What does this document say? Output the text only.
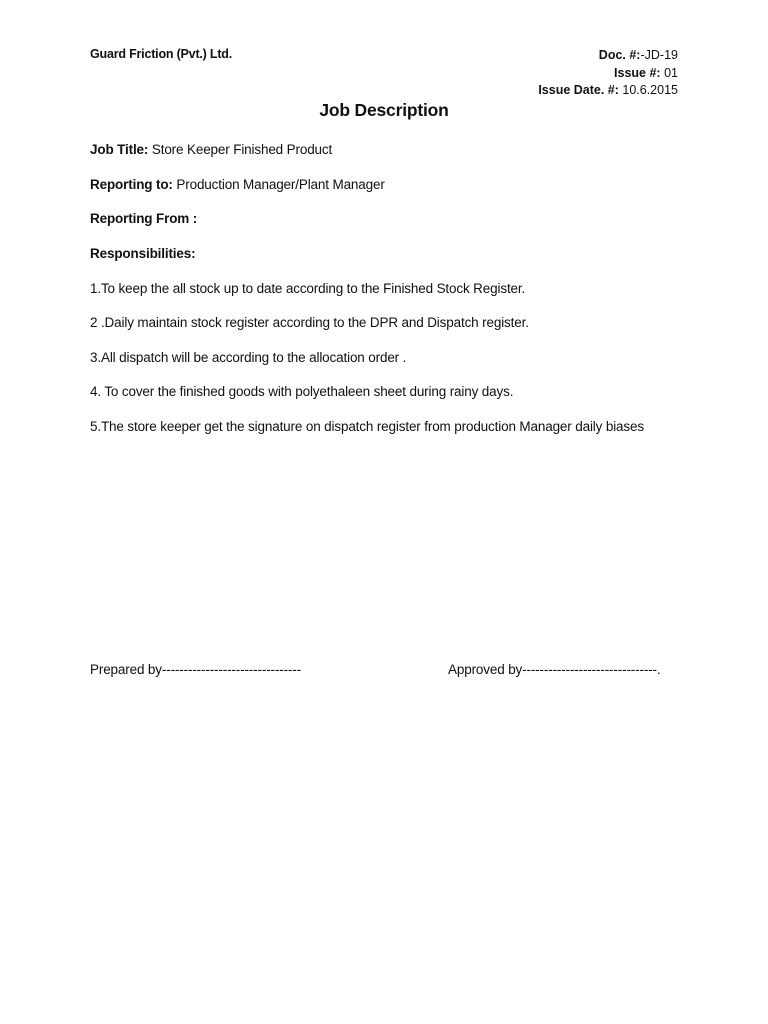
Guard Friction (Pvt.) Ltd.	Doc. #:-JD-19
Issue #: 01
Issue Date. #: 10.6.2015
Job Description
Job Title: Store Keeper Finished Product
Reporting to: Production Manager/Plant Manager
Reporting From :
Responsibilities:
1.To keep the all stock up to date according to the Finished Stock Register.
2 .Daily maintain stock register according to the DPR and Dispatch register.
3.All dispatch will be according to the allocation order .
4. To cover the finished goods with polyethaleen sheet during rainy days.
5.The store keeper get the signature on dispatch register from production Manager daily biases
Prepared by--------------------------------	Approved by-------------------------------.
